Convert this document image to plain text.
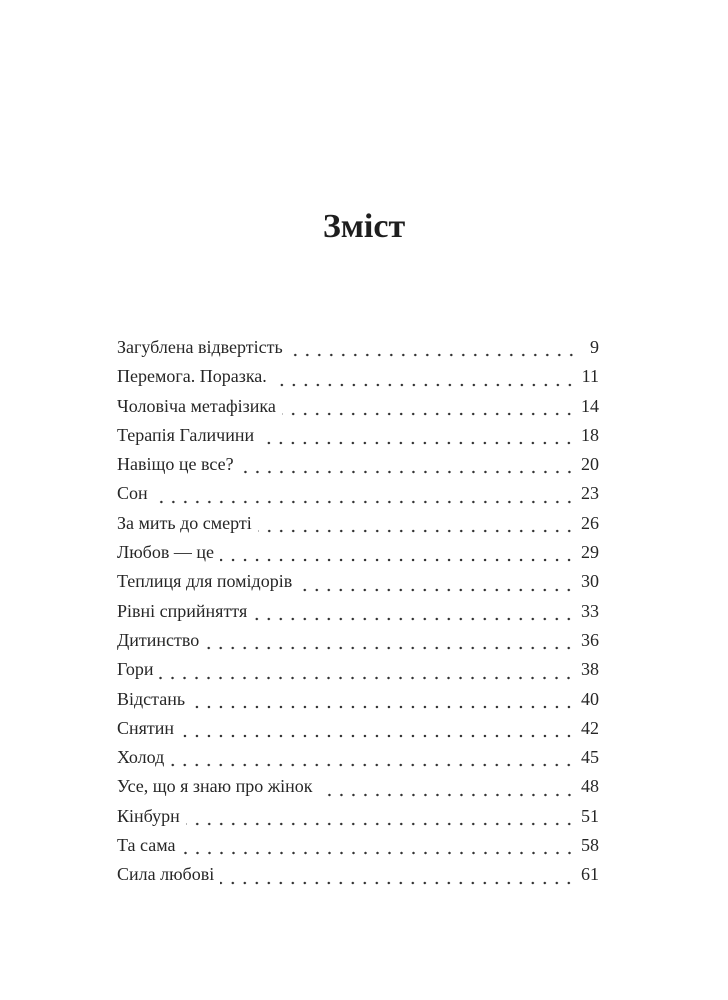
Зміст
Загублена відвертість	9
Перемога. Поразка.	11
Чоловіча метафізика	14
Терапія Галичини	18
Навіщо це все?	20
Сон	23
За мить до смерті	26
Любов — це	29
Теплиця для помідорів	30
Рівні сприйняття	33
Дитинство	36
Гори	38
Відстань	40
Снятин	42
Холод	45
Усе, що я знаю про жінок	48
Кінбурн	51
Та сама	58
Сила любові	61
